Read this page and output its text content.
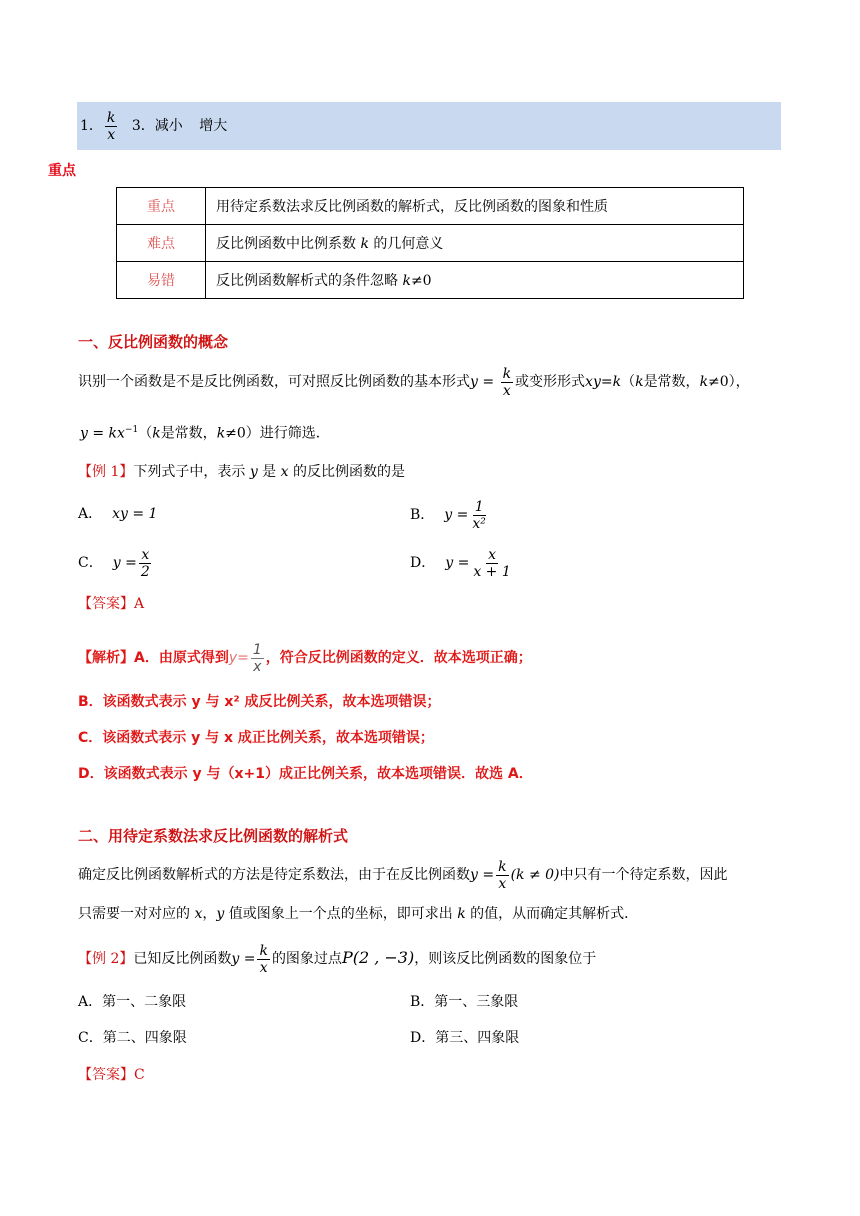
1． $\frac{k}{x} 3$．减小 增大
重点
重点	用待定系数法求反比例函数的解析式，反比例函数的图象和性质
难点	反比例函数中比例系数 k 的几何意义
易错	反比例函数解析式的条件忽略 k≠0
一、反比例函数的概念
识别一个函数是不是反比例函数，可对照反比例函数的基本形式$y = \frac{k}{x}$ 或变形形式xy=k（k是常数，k≠0），
$y = kx^{-1}(k$是常数，k≠0）进行筛选．
【例 1】下列式子中，表示 y 是 x 的反比例函数的是
A． xy = 1	B． $y = \frac{1}{\text{x²}}$
C． $y = \frac{x}{2}$	D． $y = \frac{x}{x + 1}$
【答案】A
【解析】A．由原式得到$y= \frac{1}{x}$ ，符合反比例函数的定义．故本选项正确；
B．该函数式表示 y 与 x² 成反比例关系，故本选项错误；
C．该函数式表示 y 与 x 成正比例关系，故本选项错误；
D．该函数式表示 y 与（x+1）成正比例关系，故本选项错误．故选 A．
二、用待定系数法求反比例函数的解析式
确定反比例函数解析式的方法是待定系数法，由于在反比例函数$y = \frac{k}{x} (k \ne 0)$中只有一个待定系数，因此
只需要一对对应的 x，y 值或图象上一个点的坐标，即可求出 k 的值，从而确定其解析式．
【例 2】已知反比例函数$y = \frac{k}{x}$ 的图象过点P(2 , −3)，则该反比例函数的图象位于
A．第一、二象限	B．第一、三象限
C．第二、四象限	D．第三、四象限
【答案】C
